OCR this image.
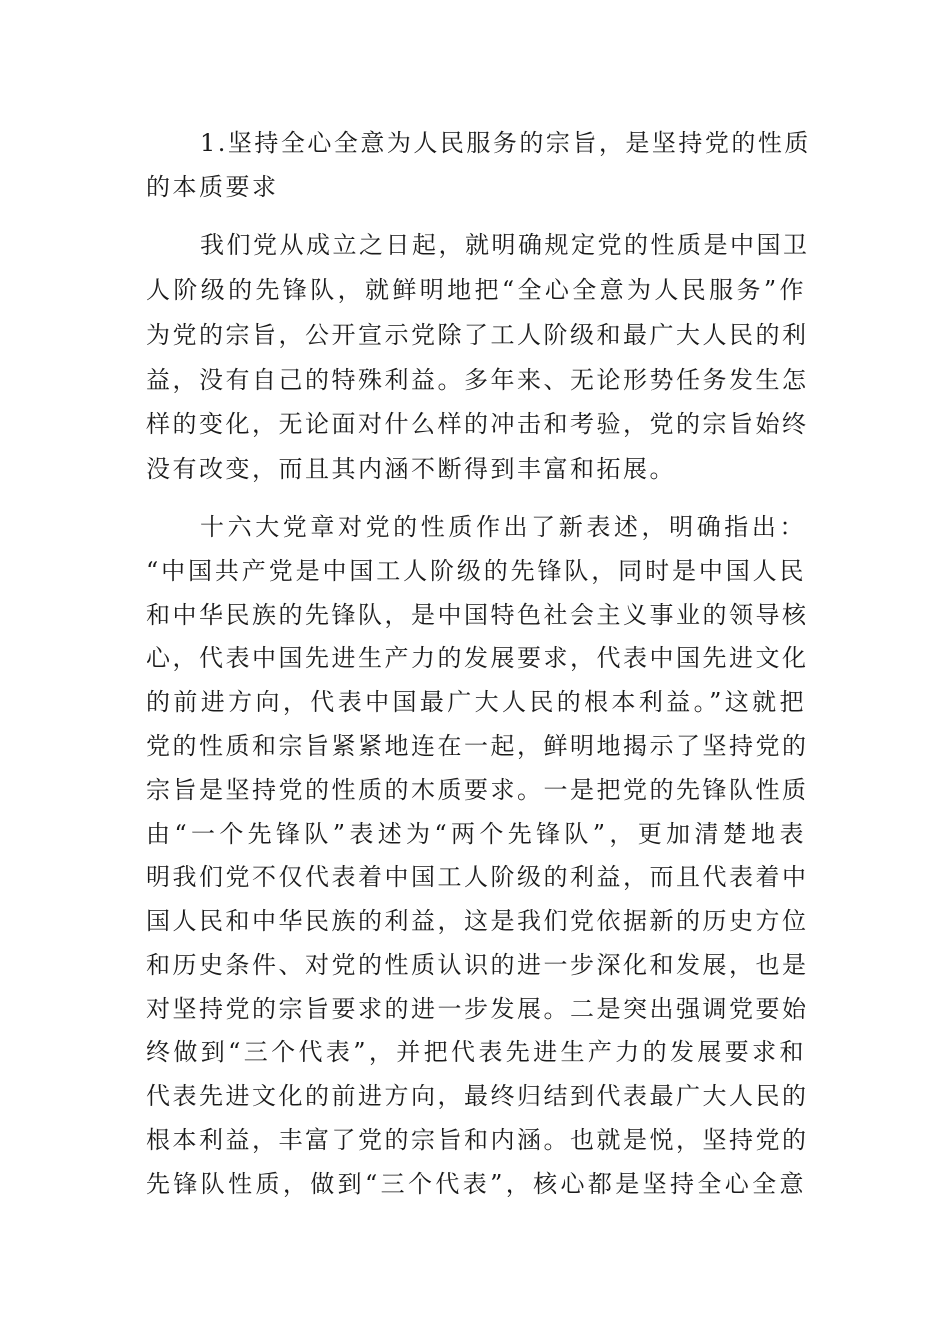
1.坚持全心全意为人民服务的宗旨，是坚持党的性质
的本质要求
我们党从成立之日起，就明确规定党的性质是中国卫
人阶级的先锋队，就鲜明地把“全心全意为人民服务”作
为党的宗旨，公开宣示党除了工人阶级和最广大人民的利
益，没有自己的特殊利益。多年来、无论形势任务发生怎
样的变化，无论面对什么样的冲击和考验，党的宗旨始终
没有改变，而且其内涵不断得到丰富和拓展。
十六大党章对党的性质作出了新表述，明确指出：
“中国共产党是中国工人阶级的先锋队，同时是中国人民
和中华民族的先锋队，是中国特色社会主义事业的领导核
心，代表中国先进生产力的发展要求，代表中国先进文化
的前进方向，代表中国最广大人民的根本利益。”这就把
党的性质和宗旨紧紧地连在一起，鲜明地揭示了坚持党的
宗旨是坚持党的性质的木质要求。一是把党的先锋队性质
由“一个先锋队”表述为“两个先锋队”，更加清楚地表
明我们党不仅代表着中国工人阶级的利益，而且代表着中
国人民和中华民族的利益，这是我们党依据新的历史方位
和历史条件、对党的性质认识的进一步深化和发展，也是
对坚持党的宗旨要求的进一步发展。二是突出强调党要始
终做到“三个代表”，并把代表先进生产力的发展要求和
代表先进文化的前进方向，最终归结到代表最广大人民的
根本利益，丰富了党的宗旨和内涵。也就是悦，坚持党的
先锋队性质，做到“三个代表”，核心都是坚持全心全意
